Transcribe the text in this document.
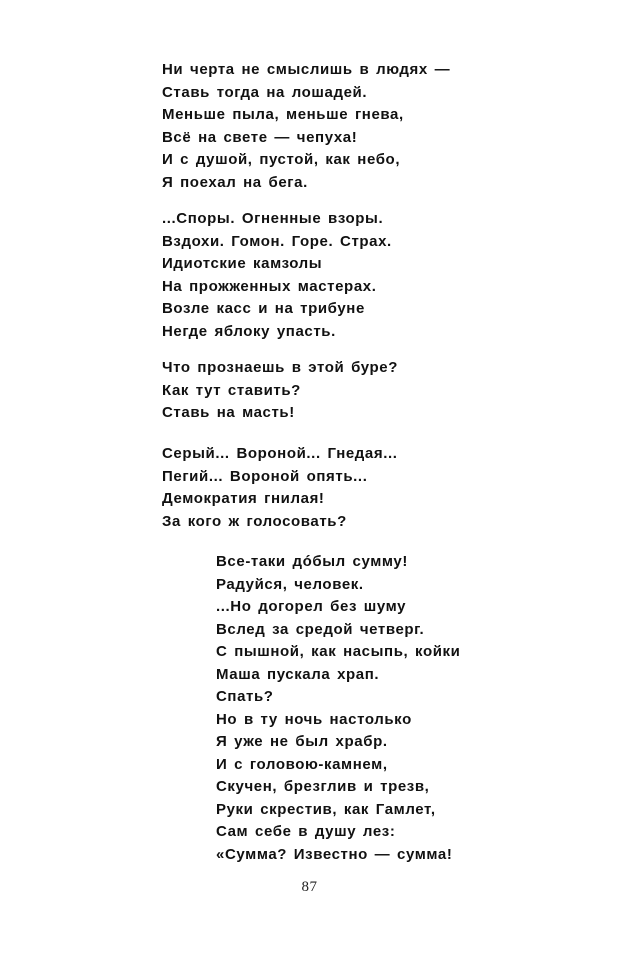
Ни черта не смыслишь в людях —
Ставь тогда на лошадей.
Меньше пыла, меньше гнева,
Всё на свете — чепуха!
И с душой, пустой, как небо,
Я поехал на бега.
...Споры. Огненные взоры.
Вздохи. Гомон. Горе. Страх.
Идиотские камзолы
На прожженных мастерах.
Возле касс и на трибуне
Негде яблоку упасть.
Что прознаешь в этой буре?
Как тут ставить?
Ставь на масть!
Серый... Вороной... Гнедая...
Пегий... Вороной опять...
Демократия гнилая!
За кого ж голосовать?
Все-таки дóбыл сумму!
Радуйся, человек.
...Но догорел без шуму
Вслед за средой четверг.
С пышной, как насыпь, койки
Маша пускала храп.
Спать?
Но в ту ночь настолько
Я уже не был храбр.
И с головою-камнем,
Скучен, брезглив и трезв,
Руки скрестив, как Гамлет,
Сам себе в душу лез:
«Сумма? Известно — сумма!
87
